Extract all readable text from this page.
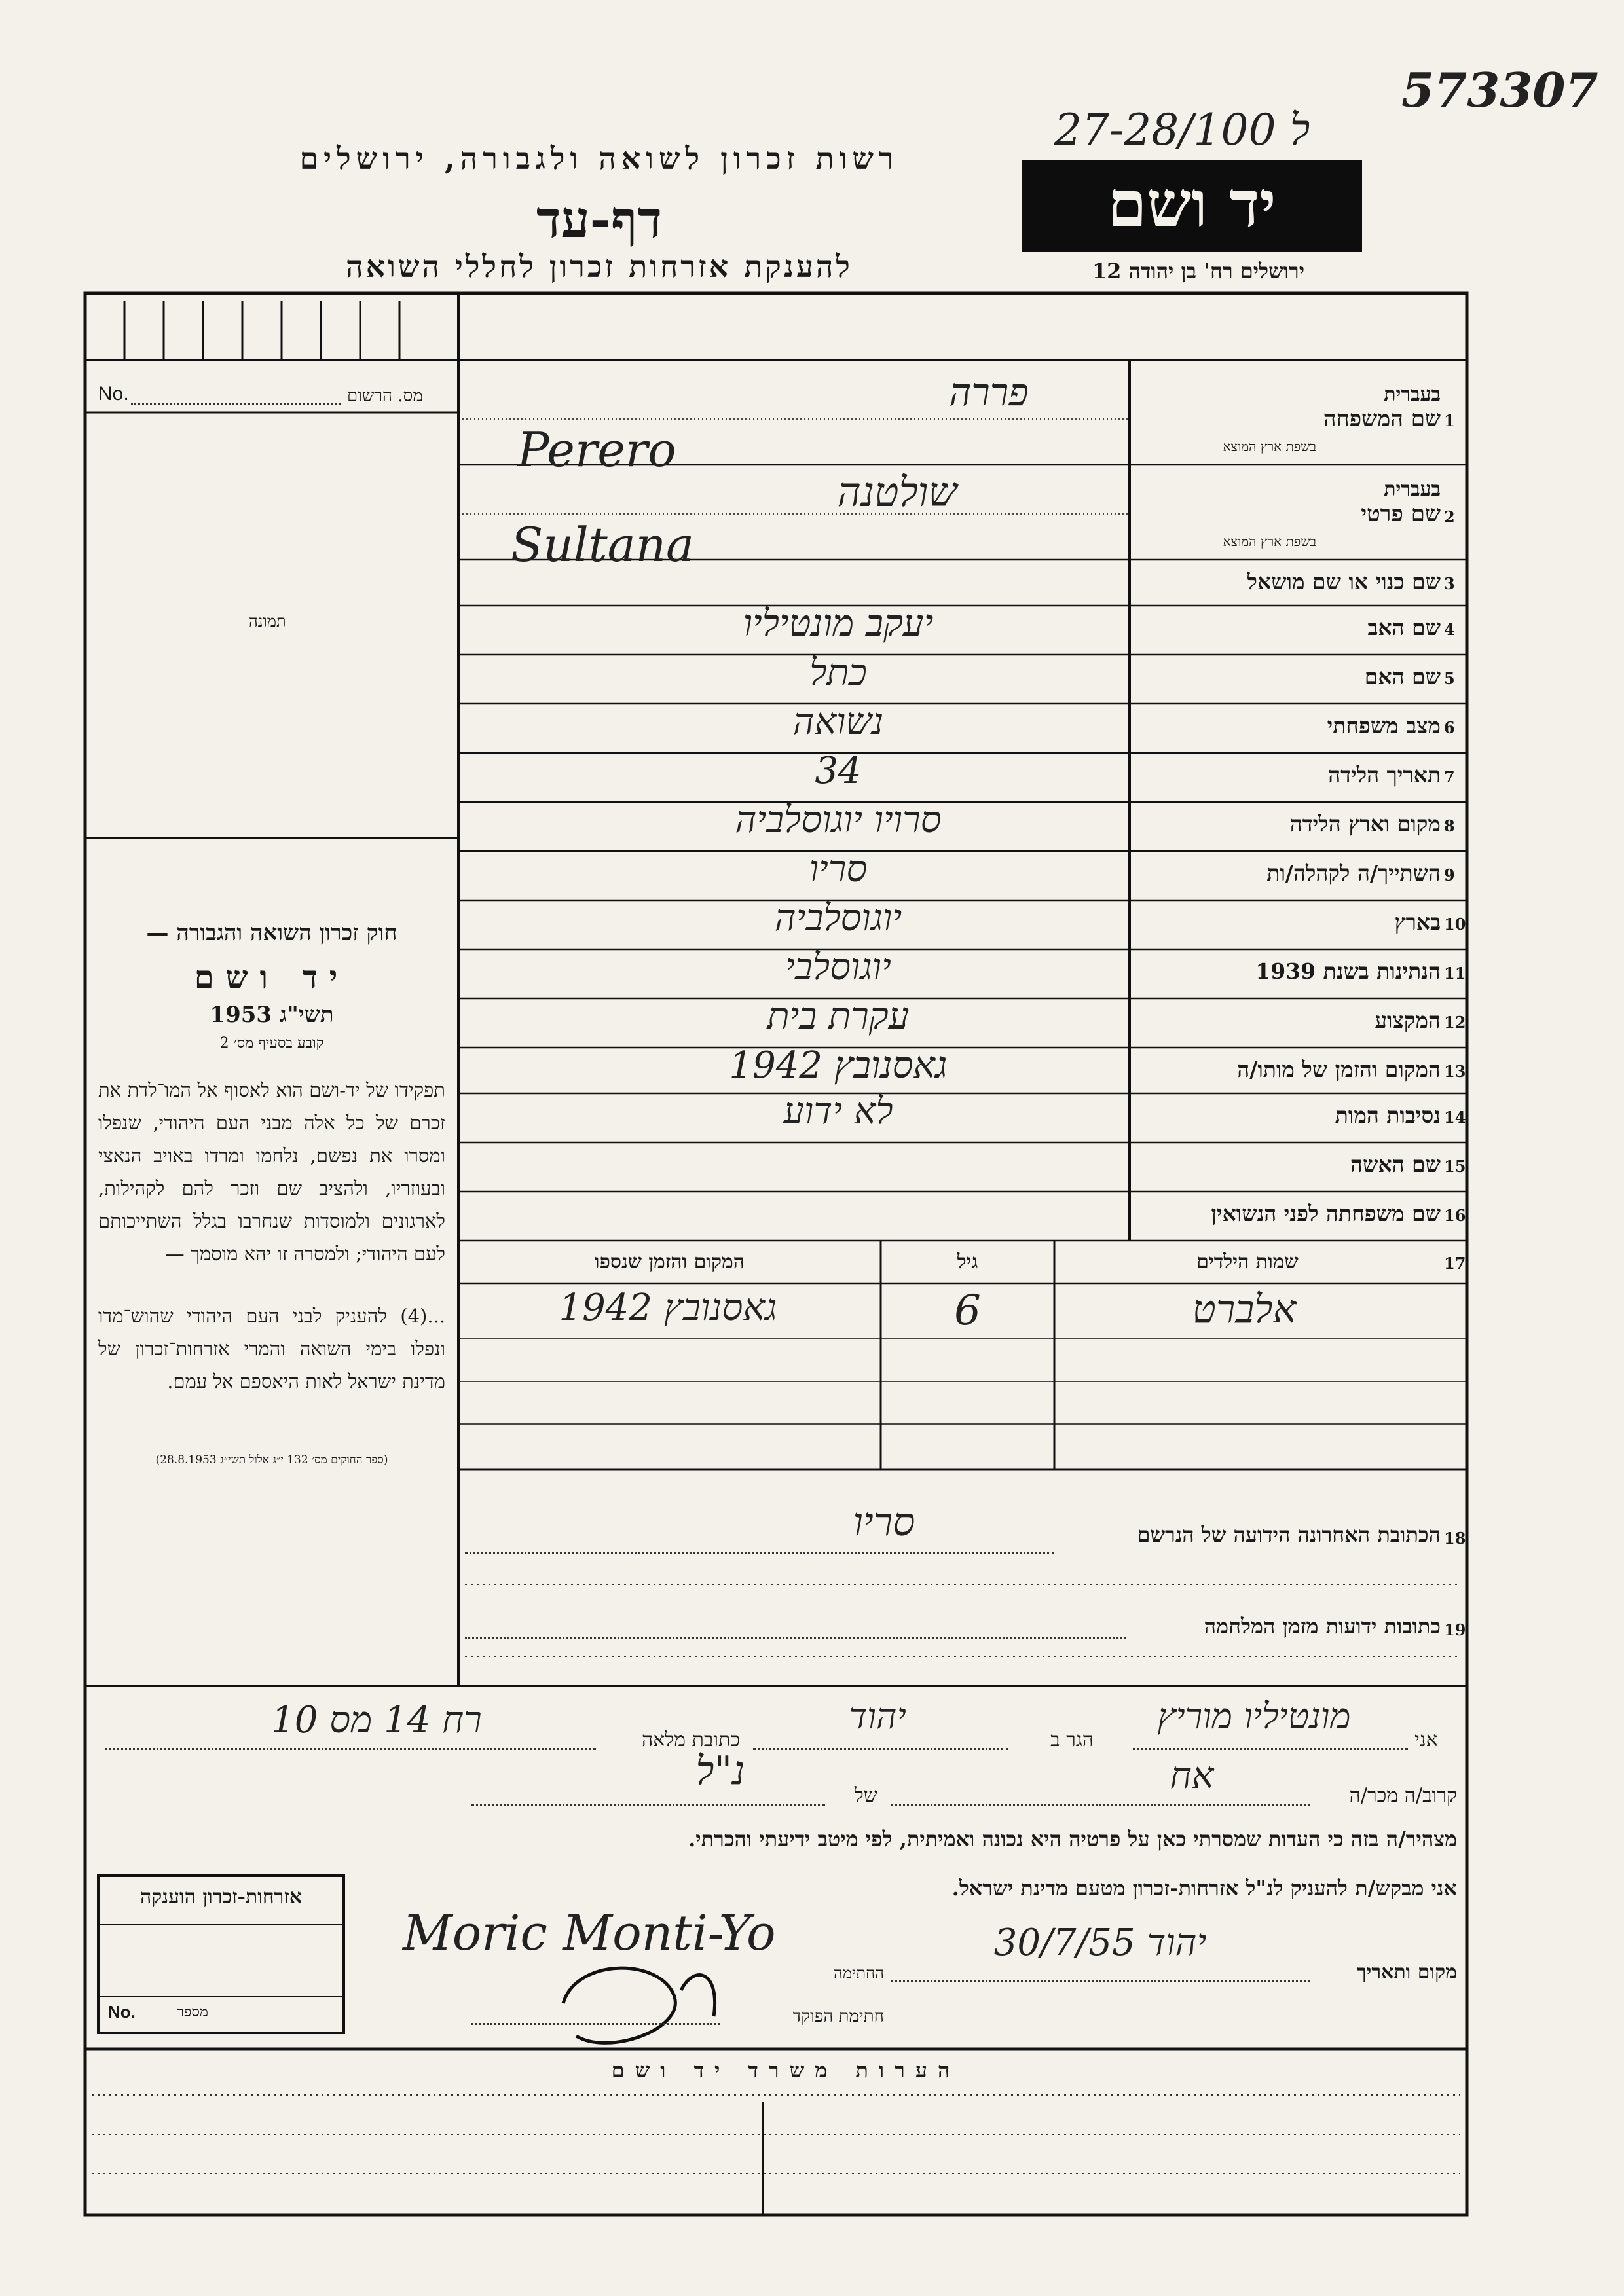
573307
27-28/100 ל
רשות זכרון לשואה ולגבורה, ירושלים
דף-עד
להענקת אזרחות זכרון לחללי השואה
יד ושם
ירושלים רח' בן יהודה 12
מס. הרשום
No.
תמונה
חוק זכרון השואה והגבורה —
יד ושם
תשי"ג 1953
קובע בסעיף מס׳ 2
תפקידו של יד-ושם הוא לאסוף אל המו־לדת את זכרם של כל אלה מבני העם היהודי, שנפלו ומסרו את נפשם, נלחמו ומרדו באויב הנאצי ובעוזריו, ולהציב שם וזכר להם לקהילות, לארגונים ולמוסדות שנחרבו בגלל השתייכותם לעם היהודי; ולמסרה זו יהא מוסמך —
...(4) להעניק לבני העם היהודי שהוש־מדו ונפלו בימי השואה והמרי אזרחות־זכרון של מדינת ישראל לאות היאספם אל עמם.
(ספר החוקים מס׳ 132 י״ג אלול תשי״ג 28.8.1953)
אזרחות-זכרון הוענקה
מספר
No.
בעברית
1
שם המשפחה
בשפת ארץ המוצא
פררה
Perero
בעברית
2
שם פרטי
בשפת ארץ המוצא
שולטנה
Sultana
3
שם כנוי או שם מושאל
4
שם האב
יעקב מונטיליו
5
שם האם
כתל
6
מצב משפחתי
נשואה
7
תאריך הלידה
34
8
מקום וארץ הלידה
סרויו יוגוסלביה
9
השתייך/ה לקהלה/ות
סריו
10
בארץ
יוגוסלביה
11
הנתינות בשנת 1939
יוגוסלבי
12
המקצוע
עקרת בית
13
המקום והזמן של מותו/ה
גאסנובץ 1942
14
נסיבות המות
לא ידוע
15
שם האשה
16
שם משפחתה לפני הנשואין
17
שמות הילדים
גיל
המקום והזמן שנספו
אלברט
6
גאסנובץ 1942
18
הכתובת האחרונה הידועה של הנרשם
סריו
19
כתובות ידועות מזמן המלחמה
אני
מונטיליו מוריץ
הגר ב
יהוד
כתובת מלאה
רח 14 מס 10
קרוב/ה מכר/ה
אח
של
נ"ל
מצהיר/ה בזה כי העדות שמסרתי כאן על פרטיה היא נכונה ואמיתית, לפי מיטב ידיעתי והכרתי.
אני מבקש/ת להעניק לנ"ל אזרחות-זכרון מטעם מדינת ישראל.
מקום ותאריך
יהוד 30/7/55
החתימה
Moric Monti-Yo
חתימת הפוקד
הערות משרד יד ושם
